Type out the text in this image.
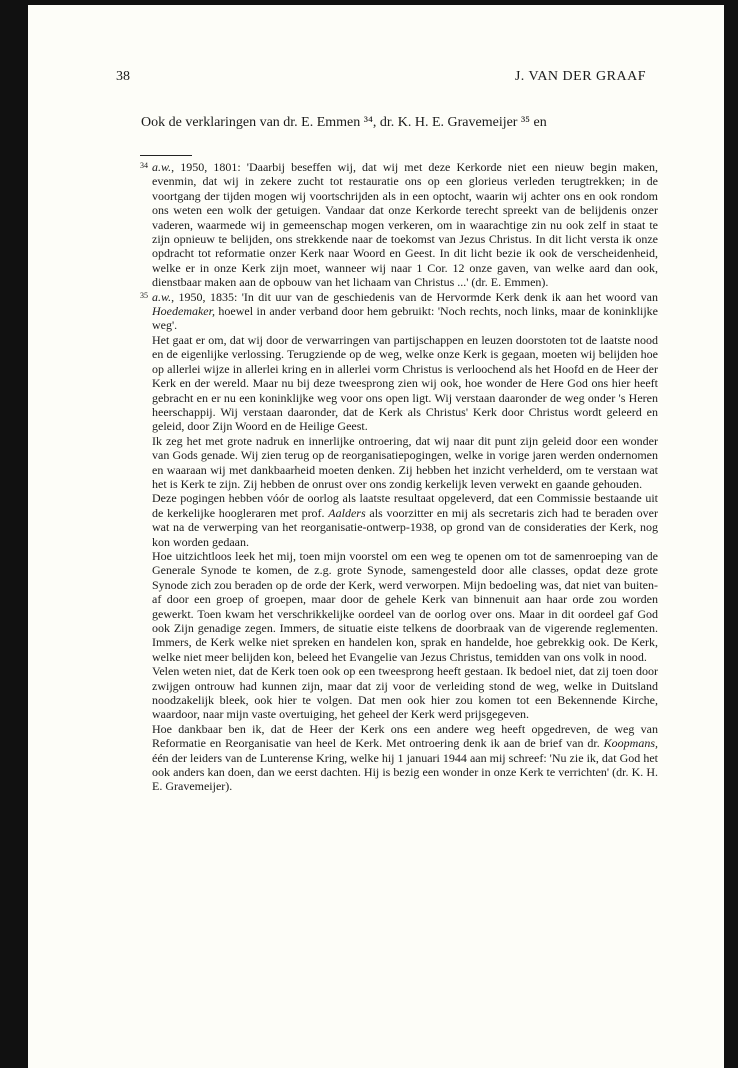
38	J. VAN DER GRAAF
Ook de verklaringen van dr. E. Emmen ³⁴, dr. K. H. E. Gravemeijer ³⁵ en
34 a.w., 1950, 1801: 'Daarbij beseffen wij, dat wij met deze Kerkorde niet een nieuw begin maken, evenmin, dat wij in zekere zucht tot restauratie ons op een glorieus verleden terugtrekken; in de voortgang der tijden mogen wij voortschrijden als in een optocht, waarin wij achter ons en ook rondom ons weten een wolk der getuigen. Vandaar dat onze Kerkorde terecht spreekt van de belijdenis onzer vaderen, waarmede wij in gemeenschap mogen verkeren, om in waarachtige zin nu ook zelf in staat te zijn opnieuw te belijden, ons strekkende naar de toekomst van Jezus Christus. In dit licht versta ik onze opdracht tot reformatie onzer Kerk naar Woord en Geest. In dit licht bezie ik ook de verscheidenheid, welke er in onze Kerk zijn moet, wanneer wij naar 1 Cor. 12 onze gaven, van welke aard dan ook, dienstbaar maken aan de opbouw van het lichaam van Christus ...' (dr. E. Emmen).

35 a.w., 1950, 1835: 'In dit uur van de geschiedenis van de Hervormde Kerk denk ik aan het woord van Hoedemaker, hoewel in ander verband door hem gebruikt: 'Noch rechts, noch links, maar de koninklijke weg'.

Het gaat er om, dat wij door de verwarringen van partijschappen en leuzen doorstoten tot de laatste nood en de eigenlijke verlossing. Terugziende op de weg, welke onze Kerk is gegaan, moeten wij belijden hoe op allerlei wijze in allerlei kring en in allerlei vorm Christus is verloochend als het Hoofd en de Heer der Kerk en der wereld. Maar nu bij deze tweesprong zien wij ook, hoe wonder de Here God ons hier heeft gebracht en er nu een koninklijke weg voor ons open ligt. Wij verstaan daaronder de weg onder 's Heren heerschappij. Wij verstaan daaronder, dat de Kerk als Christus' Kerk door Christus wordt geleerd en geleid, door Zijn Woord en de Heilige Geest.

Ik zeg het met grote nadruk en innerlijke ontroering, dat wij naar dit punt zijn geleid door een wonder van Gods genade. Wij zien terug op de reorganisatiepogingen, welke in vorige jaren werden ondernomen en waaraan wij met dankbaarheid moeten denken. Zij hebben het inzicht verhelderd, om te verstaan wat het is Kerk te zijn. Zij hebben de onrust over ons zondig kerkelijk leven verwekt en gaande gehouden.

Deze pogingen hebben vóór de oorlog als laatste resultaat opgeleverd, dat een Commissie bestaande uit de kerkelijke hoogleraren met prof. Aalders als voorzitter en mij als secretaris zich had te beraden over wat na de verwerping van het reorganisatie-ontwerp-1938, op grond van de consideraties der Kerk, nog kon worden gedaan.

Hoe uitzichtloos leek het mij, toen mijn voorstel om een weg te openen om tot de samenroeping van de Generale Synode te komen, de z.g. grote Synode, samengesteld door alle classes, opdat deze grote Synode zich zou beraden op de orde der Kerk, werd verworpen. Mijn bedoeling was, dat niet van buiten-af door een groep of groepen, maar door de gehele Kerk van binnenuit aan haar orde zou worden gewerkt. Toen kwam het verschrikkelijke oordeel van de oorlog over ons. Maar in dit oordeel gaf God ook Zijn genadige zegen. Immers, de situatie eiste telkens de doorbraak van de vigerende reglementen. Immers, de Kerk welke niet spreken en handelen kon, sprak en handelde, hoe gebrekkig ook. De Kerk, welke niet meer belijden kon, beleed het Evangelie van Jezus Christus, temidden van ons volk in nood.

Velen weten niet, dat de Kerk toen ook op een tweesprong heeft gestaan. Ik bedoel niet, dat zij toen door zwijgen ontrouw had kunnen zijn, maar dat zij voor de verleiding stond de weg, welke in Duitsland noodzakelijk bleek, ook hier te volgen. Dat men ook hier zou komen tot een Bekennende Kirche, waardoor, naar mijn vaste overtuiging, het geheel der Kerk werd prijsgegeven.

Hoe dankbaar ben ik, dat de Heer der Kerk ons een andere weg heeft opgedreven, de weg van Reformatie en Reorganisatie van heel de Kerk. Met ontroering denk ik aan de brief van dr. Koopmans, één der leiders van de Lunterense Kring, welke hij 1 januari 1944 aan mij schreef: 'Nu zie ik, dat God het ook anders kan doen, dan we eerst dachten. Hij is bezig een wonder in onze Kerk te verrichten' (dr. K. H. E. Gravemeijer).
